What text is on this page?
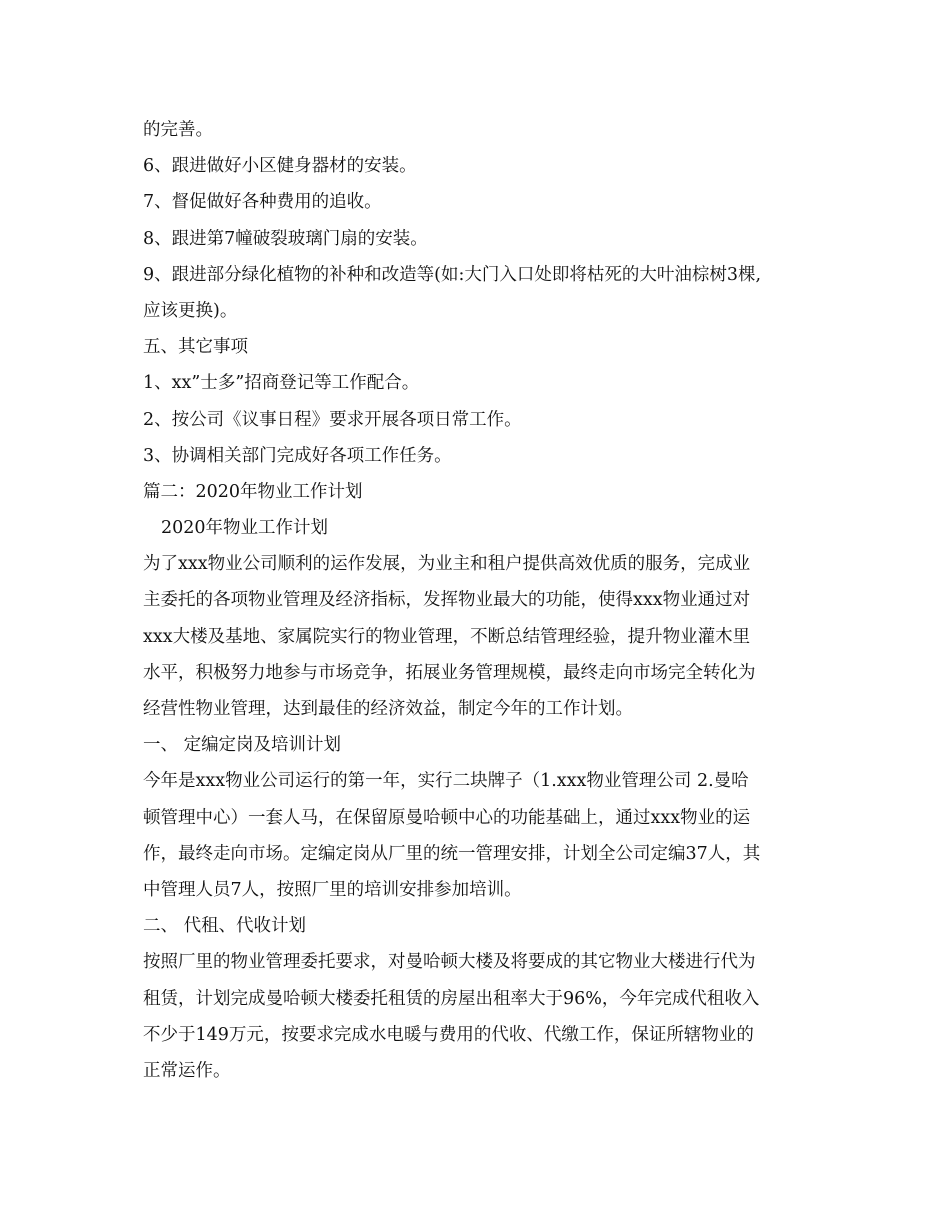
的完善。
6、跟进做好小区健身器材的安装。
7、督促做好各种费用的追收。
8、跟进第7幢破裂玻璃门扇的安装。
9、跟进部分绿化植物的补种和改造等(如:大门入口处即将枯死的大叶油棕树3棵,
应该更换)。
五、其它事项
1、xx”士多”招商登记等工作配合。
2、按公司《议事日程》要求开展各项日常工作。
3、协调相关部门完成好各项工作任务。
篇二：2020年物业工作计划
2020年物业工作计划
为了xxx物业公司顺利的运作发展，为业主和租户提供高效优质的服务，完成业
主委托的各项物业管理及经济指标，发挥物业最大的功能，使得xxx物业通过对
xxx大楼及基地、家属院实行的物业管理，不断总结管理经验，提升物业灌木里
水平，积极努力地参与市场竞争，拓展业务管理规模，最终走向市场完全转化为
经营性物业管理，达到最佳的经济效益，制定今年的工作计划。
一、 定编定岗及培训计划
今年是xxx物业公司运行的第一年，实行二块牌子（1.xxx物业管理公司 2.曼哈
顿管理中心）一套人马，在保留原曼哈顿中心的功能基础上，通过xxx物业的运
作，最终走向市场。定编定岗从厂里的统一管理安排，计划全公司定编37人，其
中管理人员7人，按照厂里的培训安排参加培训。
二、 代租、代收计划
按照厂里的物业管理委托要求，对曼哈顿大楼及将要成的其它物业大楼进行代为
租赁，计划完成曼哈顿大楼委托租赁的房屋出租率大于96%，今年完成代租收入
不少于149万元，按要求完成水电暖与费用的代收、代缴工作，保证所辖物业的
正常运作。
